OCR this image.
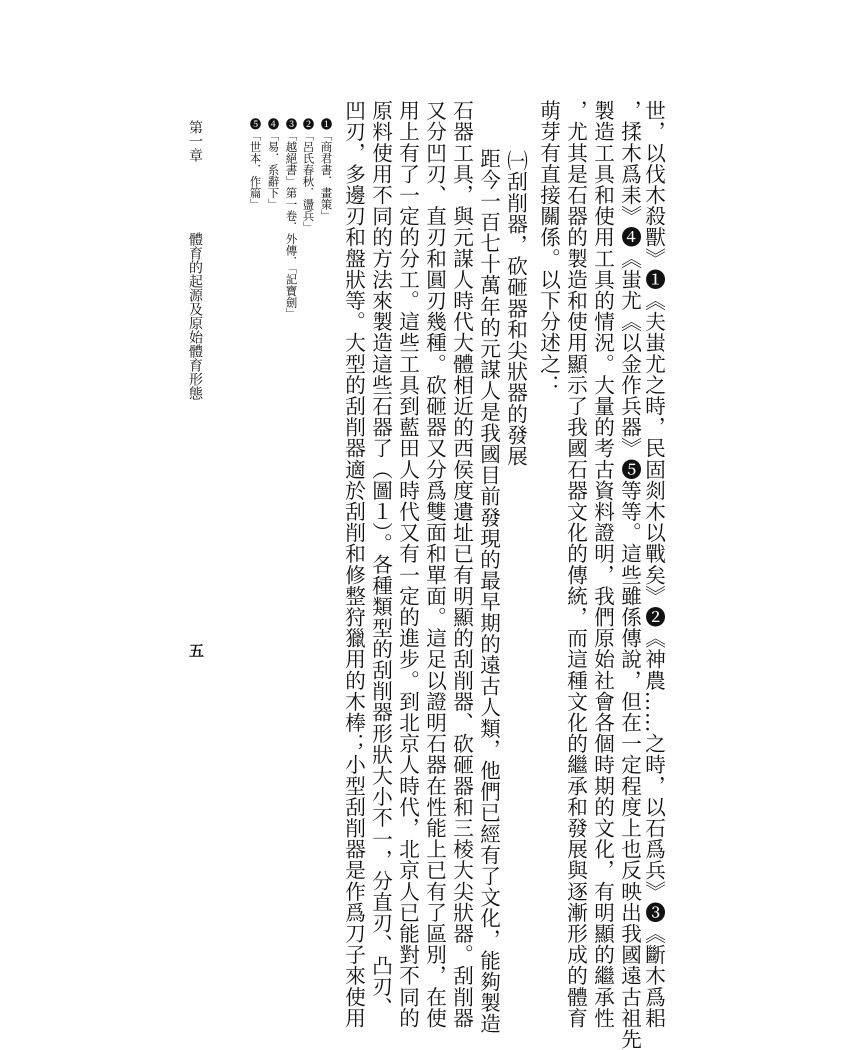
世，以伐木殺獸》❶《夫蚩尤之時，民固剡木以戰矣》❷《神農……之時，以石爲兵》❸《斷木爲耜
，揉木爲耒》❹《蚩尤《以金作兵器》❺等等。這些雖係傳說，但在一定程度上也反映出我國遠古祖先
製造工具和使用工具的情況。大量的考古資料證明，我們原始社會各個時期的文化，有明顯的繼承性
，尤其是石器的製造和使用顯示了我國石器文化的傳統，而這種文化的繼承和發展與逐漸形成的體育
萌芽有直接關係。以下分述之：
㈠刮削器，砍砸器和尖狀器的發展
距今一百七十萬年的元謀人是我國目前發現的最早期的遠古人類，他們已經有了文化，能夠製造
石器工具，與元謀人時代大體相近的西侯度遺址已有明顯的刮削器、砍砸器和三棱大尖狀器。刮削器
又分凹刃、直刃和圓刃幾種。砍砸器又分爲雙面和單面。這足以證明石器在性能上已有了區別，在使
用上有了一定的分工。這些工具到藍田人時代又有一定的進步。到北京人時代，北京人已能對不同的
原料使用不同的方法來製造這些石器了（圖１）。各種類型的刮削器形狀大小不一，分直刃、凸刃、
凹刃，多邊刃和盤狀等。大型的刮削器適於刮削和修整狩獵用的木棒；小型刮削器是作爲刀子來使用
❶「商君書．畫策」
❷「呂氏春秋．盪兵」
❸「越絕書」第一卷．外傳．「記寶劍」
❹「易．系辭下」
❺「世本．作篇」
第一章
體育的起源及原始體育形態
五
